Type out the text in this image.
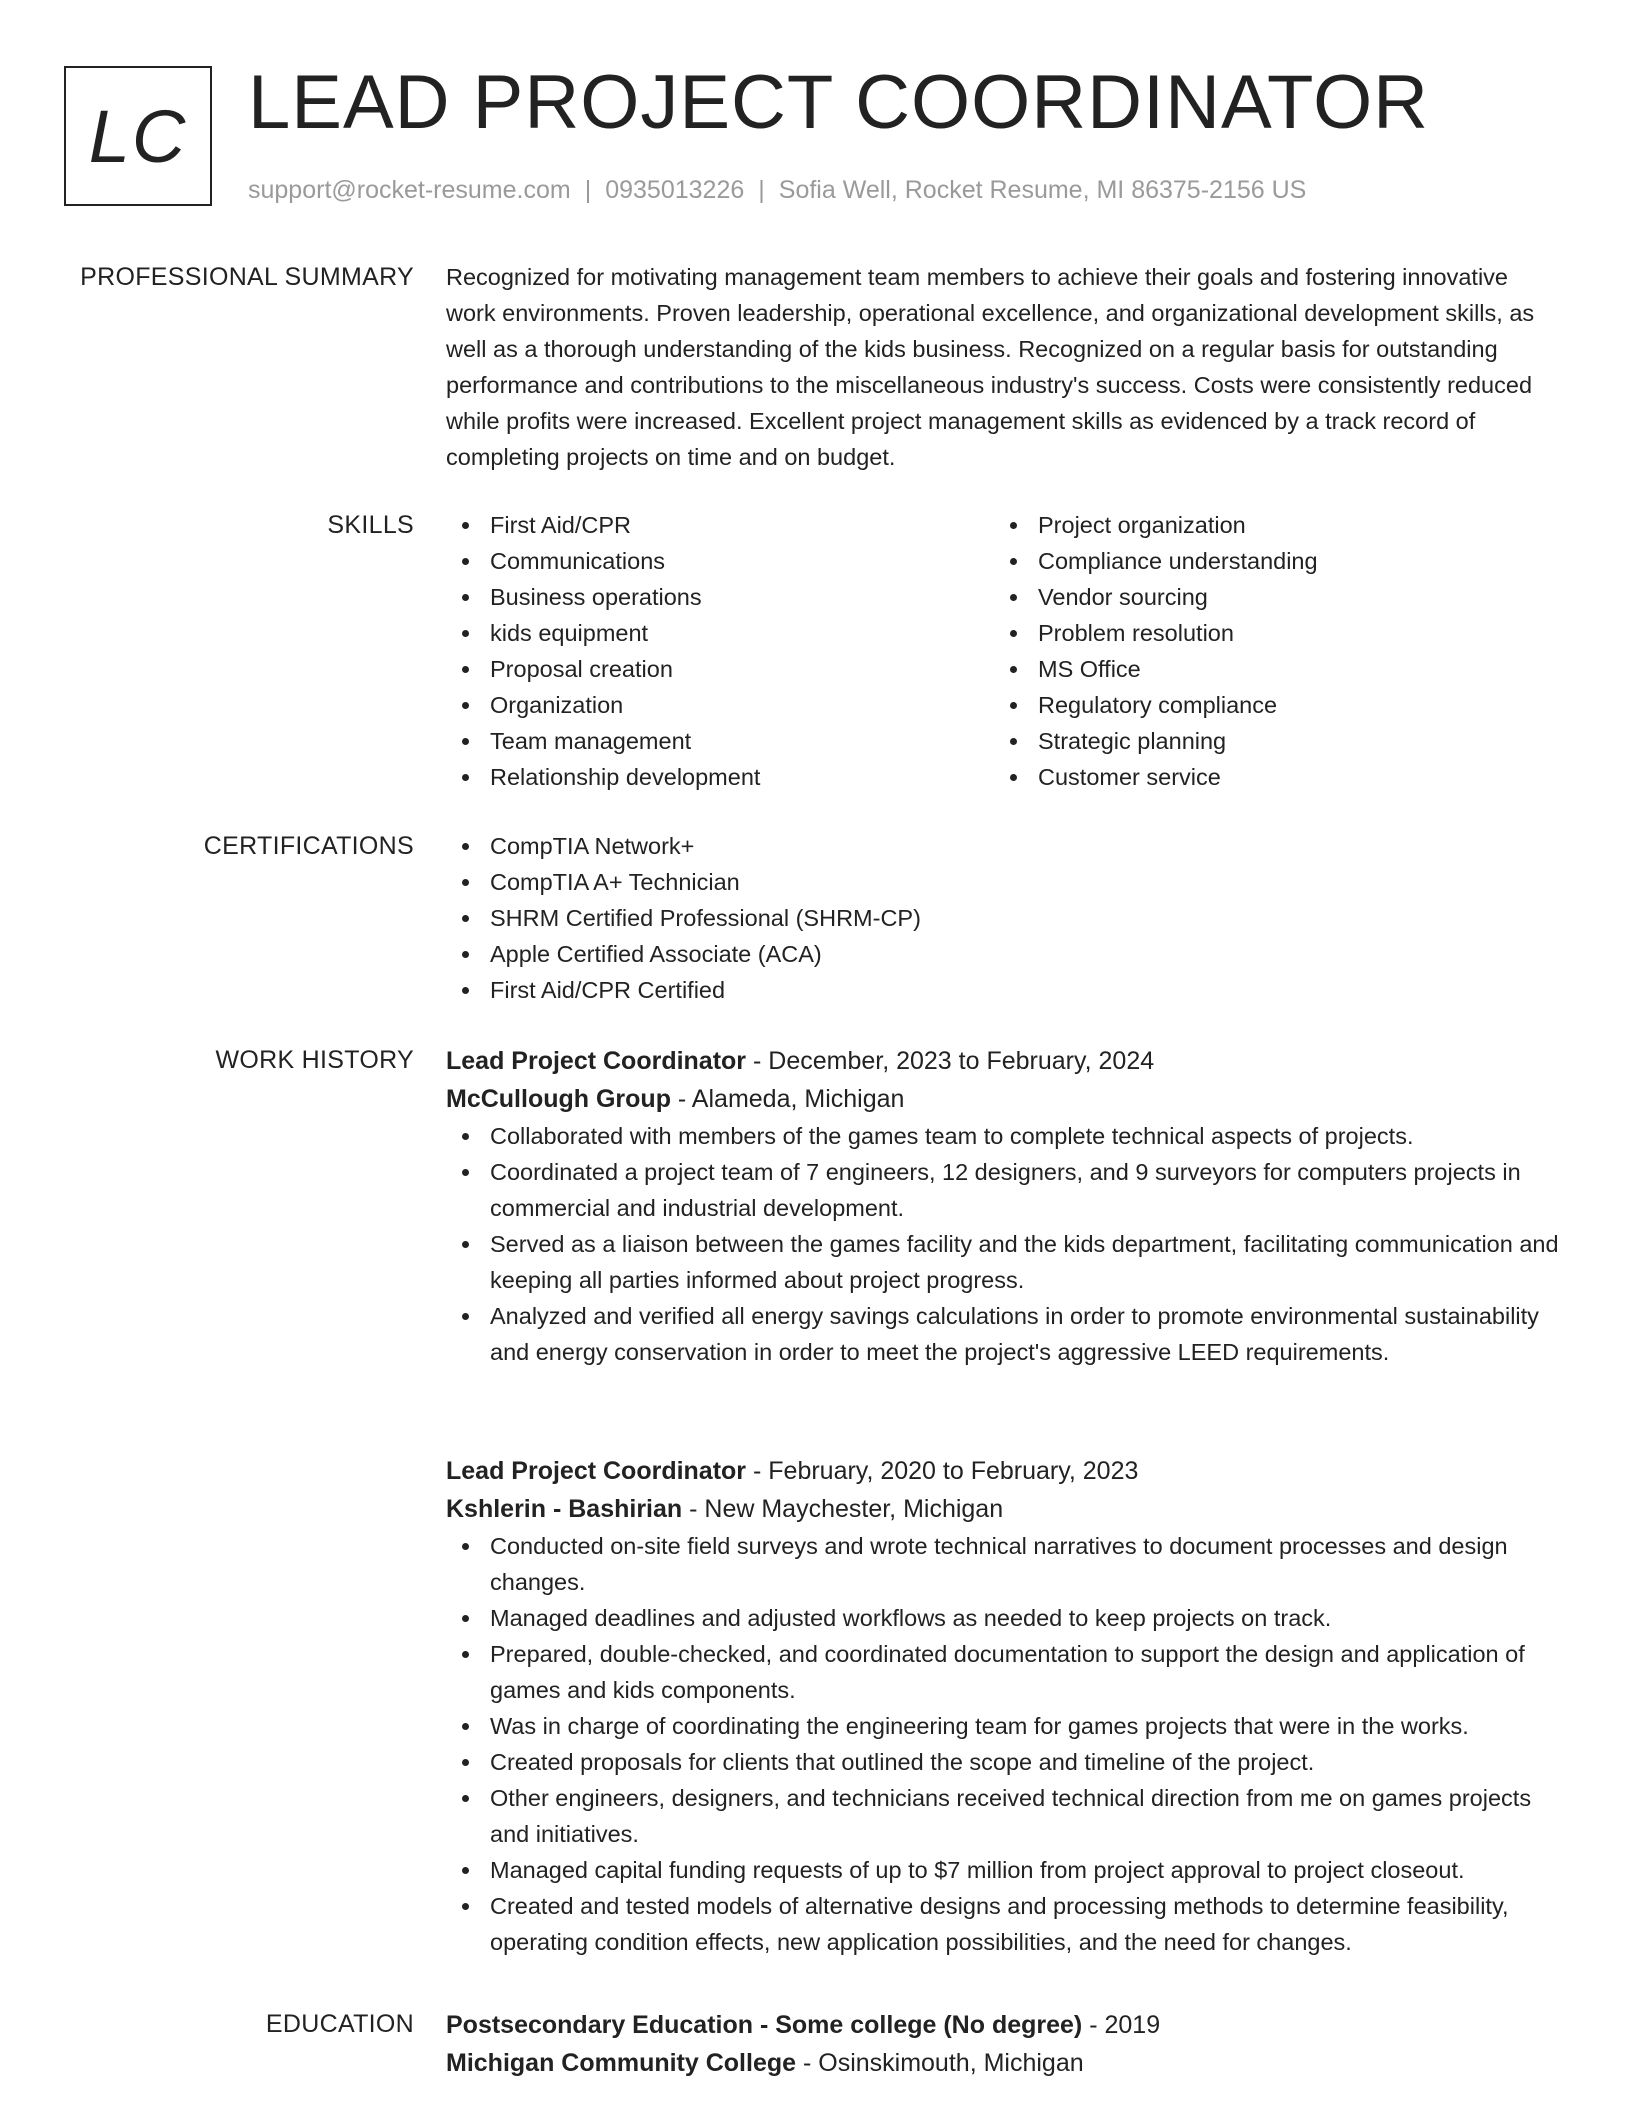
LC LEAD PROJECT COORDINATOR
support@rocket-resume.com | 0935013226 | Sofia Well, Rocket Resume, MI 86375-2156 US
PROFESSIONAL SUMMARY Recognized for motivating management team members to achieve their goals and fostering innovative work environments. Proven leadership, operational excellence, and organizational development skills, as well as a thorough understanding of the kids business. Recognized on a regular basis for outstanding performance and contributions to the miscellaneous industry's success. Costs were consistently reduced while profits were increased. Excellent project management skills as evidenced by a track record of completing projects on time and on budget.

SKILLS	First Aid/CPR
Communications
Business operations
kids equipment
Proposal creation
Organization
Team management
Relationship development
Project organization
Compliance understanding
Vendor sourcing
Problem resolution
MS Office
Regulatory compliance
Strategic planning
Customer service
CERTIFICATIONS	CompTIA Network+
CompTIA A+ Technician
SHRM Certified Professional (SHRM-CP)
Apple Certified Associate (ACA)
First Aid/CPR Certified
WORK HISTORY Lead Project Coordinator - December, 2023 to February, 2024
McCullough Group - Alameda, Michigan
Collaborated with members of the games team to complete technical aspects of projects.
Coordinated a project team of 7 engineers, 12 designers, and 9 surveyors for computers projects in commercial and industrial development.
Served as a liaison between the games facility and the kids department, facilitating communication and keeping all parties informed about project progress.
Analyzed and verified all energy savings calculations in order to promote environmental sustainability and energy conservation in order to meet the project's aggressive LEED requirements.
Lead Project Coordinator - February, 2020 to February, 2023
Kshlerin - Bashirian - New Maychester, Michigan
Conducted on-site field surveys and wrote technical narratives to document processes and design changes.
Managed deadlines and adjusted workflows as needed to keep projects on track.
Prepared, double-checked, and coordinated documentation to support the design and application of games and kids components.
Was in charge of coordinating the engineering team for games projects that were in the works.
Created proposals for clients that outlined the scope and timeline of the project.
Other engineers, designers, and technicians received technical direction from me on games projects and initiatives.
Managed capital funding requests of up to $7 million from project approval to project closeout.
Created and tested models of alternative designs and processing methods to determine feasibility, operating condition effects, new application possibilities, and the need for changes.
EDUCATION Postsecondary Education - Some college (No degree) - 2019
Michigan Community College - Osinskimouth, Michigan
